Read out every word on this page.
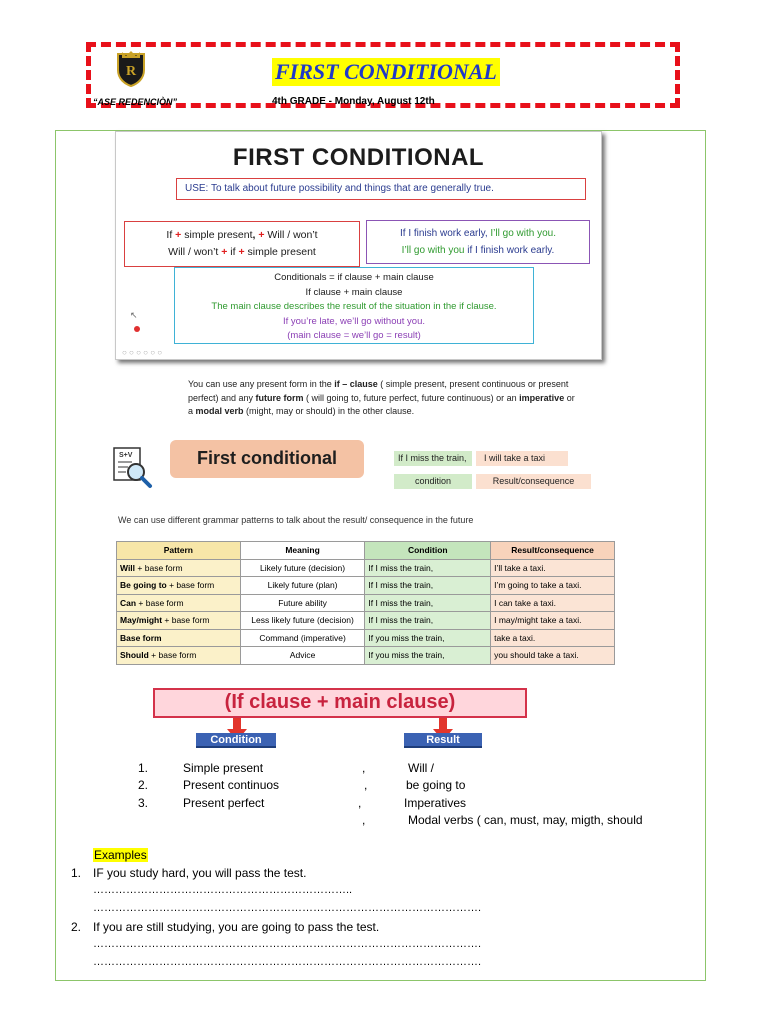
R	FIRST CONDITIONAL
“ASE REDENCIÒN”	4th GRADE - Monday, August 12th
FIRST CONDITIONAL
USE: To talk about future possibility and things that are generally true.
If + simple present, + Will / won’t
Will / won’t + if + simple present
If I finish work early, I’ll go with you.
I’ll go with you if I finish work early.
Conditionals = if clause + main clause
If clause + main clause
The main clause describes the result of the situation in the if clause.
If you’re late, we’ll go without you.
(main clause = we’ll go = result)
↖
○ ○ ○ ○ ○ ○
You can use any present form in the if – clause ( simple present, present continuous or present perfect) and any future form ( will going to, future perfect, future continuous) or an imperative or a modal verb (might, may or should) in the other clause.
S+V	First conditional	If I miss the train,	I will take a taxi
condition	Result/consequence
We can use different grammar patterns to talk about the result/ consequence in the future
Pattern	Meaning	Condition	Result/consequence
Will + base form	Likely future (decision)	If I miss the train,	I’ll take a taxi.
Be going to + base form	Likely future (plan)	If I miss the train,	I’m going to take a taxi.
Can + base form	Future ability	If I miss the train,	I can take a taxi.
May/might + base form	Less likely future (decision)	If I miss the train,	I may/might take a taxi.
Base form	Command (imperative)	If you miss the train,	take a taxi.
Should + base form	Advice	If you miss the train,	you should take a taxi.
(If clause + main clause)
Condition	Result
1.	Simple present	,	Will /
2.	Present continuos	,	be going to
3.	Present perfect	,	Imperatives
,	Modal verbs ( can, must, may, migth, should
Examples
1. IF you study hard, you will pass the test.
……………………………………………………………..
…………………………………………………………………………………………….
2. If you are still studying, you are going to pass the test.
…………………………………………………………………………………………….
…………………………………………………………………………………………….
